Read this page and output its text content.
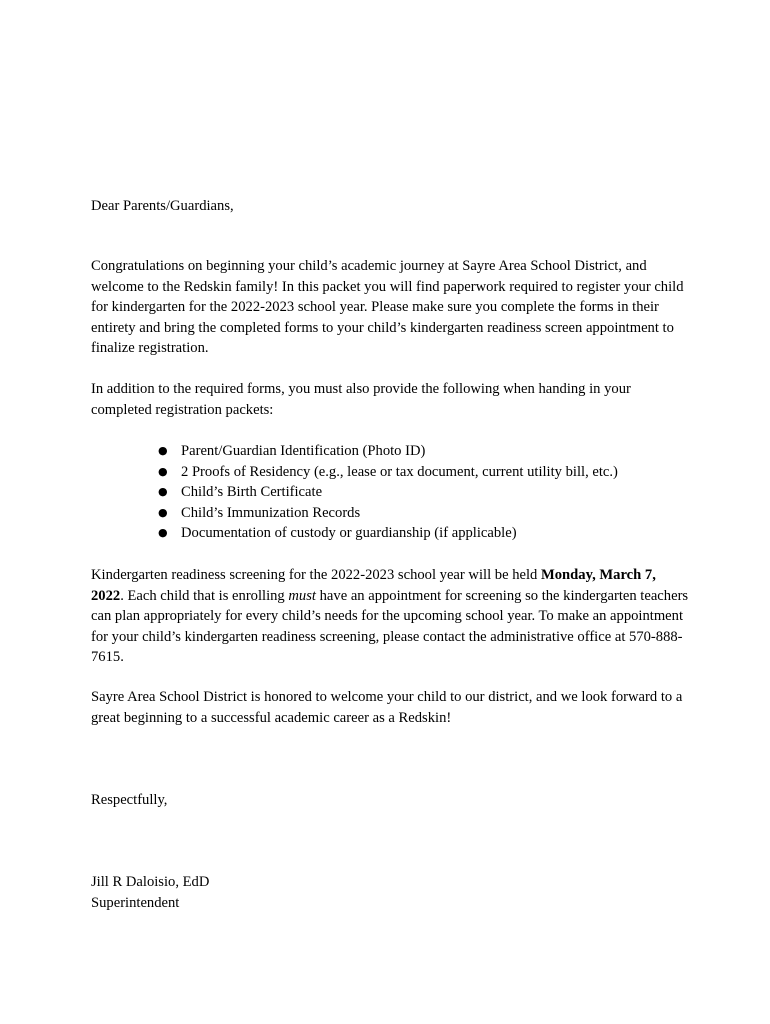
Dear Parents/Guardians,

Congratulations on beginning your child’s academic journey at Sayre Area School District, and welcome to the Redskin family! In this packet you will find paperwork required to register your child for kindergarten for the 2022-2023 school year. Please make sure you complete the forms in their entirety and bring the completed forms to your child’s kindergarten readiness screen appointment to finalize registration.

In addition to the required forms, you must also provide the following when handing in your completed registration packets:

● Parent/Guardian Identification (Photo ID)
● 2 Proofs of Residency (e.g., lease or tax document, current utility bill, etc.)
● Child’s Birth Certificate
● Child’s Immunization Records
● Documentation of custody or guardianship (if applicable)

Kindergarten readiness screening for the 2022-2023 school year will be held Monday, March 7, 2022. Each child that is enrolling must have an appointment for screening so the kindergarten teachers can plan appropriately for every child’s needs for the upcoming school year. To make an appointment for your child’s kindergarten readiness screening, please contact the administrative office at 570-888-7615.

Sayre Area School District is honored to welcome your child to our district, and we look forward to a great beginning to a successful academic career as a Redskin!

Respectfully,

Jill R Daloisio, EdD

Superintendent
